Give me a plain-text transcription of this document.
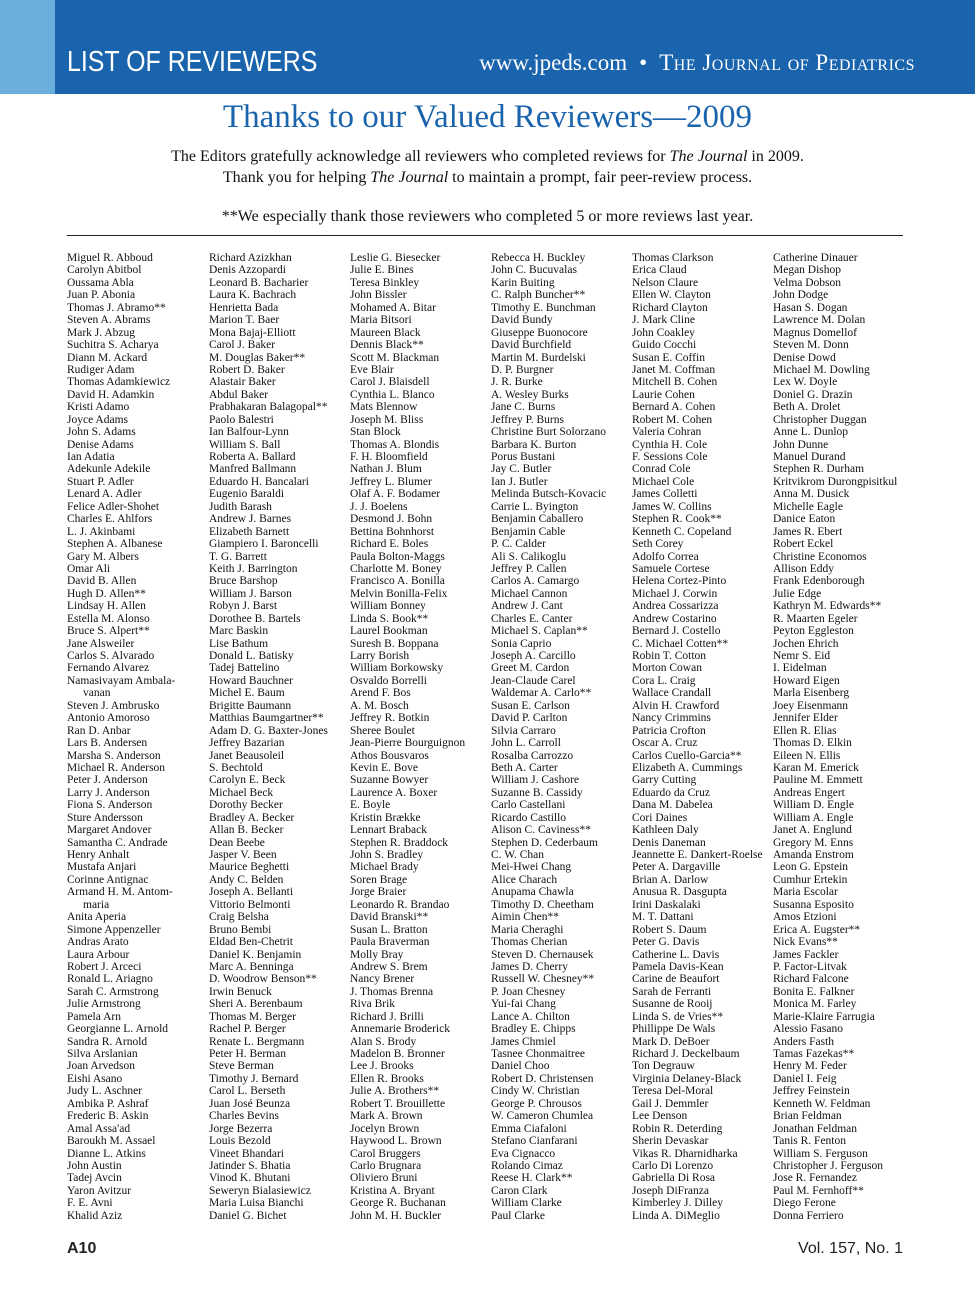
LIST OF REVIEWERS	www.jpeds.com • The Journal of Pediatrics
Thanks to our Valued Reviewers—2009
The Editors gratefully acknowledge all reviewers who completed reviews for The Journal in 2009.
Thank you for helping The Journal to maintain a prompt, fair peer-review process.
**We especially thank those reviewers who completed 5 or more reviews last year.
Miguel R. Abboud
Carolyn Abitbol
Oussama Abla
Juan P. Abonia
Thomas J. Abramo**
Steven A. Abrams
Mark J. Abzug
Suchitra S. Acharya
Diann M. Ackard
Rudiger Adam
Thomas Adamkiewicz
David H. Adamkin
Kristi Adamo
Joyce Adams
John S. Adams
Denise Adams
Ian Adatia
Adekunle Adekile
Stuart P. Adler
Lenard A. Adler
Felice Adler-Shohet
Charles E. Ahlfors
L. J. Akinbami
Stephen A. Albanese
Gary M. Albers
Omar Ali
David B. Allen
Hugh D. Allen**
Lindsay H. Allen
Estella M. Alonso
Bruce S. Alpert**
Jane Alsweiler
Carlos S. Alvarado
Fernando Alvarez
Namasivayam Ambala-
vanan
Steven J. Ambrusko
Antonio Amoroso
Ran D. Anbar
Lars B. Andersen
Marsha S. Anderson
Michael R. Anderson
Peter J. Anderson
Larry J. Anderson
Fiona S. Anderson
Sture Andersson
Margaret Andover
Samantha C. Andrade
Henry Anhalt
Mustafa Anjari
Corinne Antignac
Armand H. M. Antom-
maria
Anita Aperia
Simone Appenzeller
Andras Arato
Laura Arbour
Robert J. Arceci
Ronald L. Ariagno
Sarah C. Armstrong
Julie Armstrong
Pamela Arn
Georgianne L. Arnold
Sandra R. Arnold
Silva Arslanian
Joan Arvedson
Eishi Asano
Judy L. Aschner
Ambika P. Ashraf
Frederic B. Askin
Amal Assa'ad
Baroukh M. Assael
Dianne L. Atkins
John Austin
Tadej Avcin
Yaron Avitzur
F. E. Avni
Khalid Aziz
Richard Azizkhan
Denis Azzopardi
Leonard B. Bacharier
Laura K. Bachrach
Henrietta Bada
Marion T. Baer
Mona Bajaj-Elliott
Carol J. Baker
M. Douglas Baker**
Robert D. Baker
Alastair Baker
Abdul Baker
Prabhakaran Balagopal**
Paolo Balestri
Ian Balfour-Lynn
William S. Ball
Roberta A. Ballard
Manfred Ballmann
Eduardo H. Bancalari
Eugenio Baraldi
Judith Barash
Andrew J. Barnes
Elizabeth Barnett
Giampiero I. Baroncelli
T. G. Barrett
Keith J. Barrington
Bruce Barshop
William J. Barson
Robyn J. Barst
Dorothee B. Bartels
Marc Baskin
Lise Bathum
Donald L. Batisky
Tadej Battelino
Howard Bauchner
Michel E. Baum
Brigitte Baumann
Matthias Baumgartner**
Adam D. G. Baxter-Jones
Jeffrey Bazarian
Janet Beausoleil
S. Bechtold
Carolyn E. Beck
Michael Beck
Dorothy Becker
Bradley A. Becker
Allan B. Becker
Dean Beebe
Jasper V. Been
Maurice Beghetti
Andy C. Belden
Joseph A. Bellanti
Vittorio Belmonti
Craig Belsha
Bruno Bembi
Eldad Ben-Chetrit
Daniel K. Benjamin
Marc A. Benninga
D. Woodrow Benson**
Irwin Benuck
Sheri A. Berenbaum
Thomas M. Berger
Rachel P. Berger
Renate L. Bergmann
Peter H. Berman
Steve Berman
Timothy J. Bernard
Carol L. Berseth
Juan José Beunza
Charles Bevins
Jorge Bezerra
Louis Bezold
Vineet Bhandari
Jatinder S. Bhatia
Vinod K. Bhutani
Seweryn Bialasiewicz
Maria Luisa Bianchi
Daniel G. Bichet
Leslie G. Biesecker
Julie E. Bines
Teresa Binkley
John Bissler
Mohamed A. Bitar
Maria Bitsori
Maureen Black
Dennis Black**
Scott M. Blackman
Eve Blair
Carol J. Blaisdell
Cynthia L. Blanco
Mats Blennow
Joseph M. Bliss
Stan Block
Thomas A. Blondis
F. H. Bloomfield
Nathan J. Blum
Jeffrey L. Blumer
Olaf A. F. Bodamer
J. J. Boelens
Desmond J. Bohn
Bettina Bohnhorst
Richard E. Boles
Paula Bolton-Maggs
Charlotte M. Boney
Francisco A. Bonilla
Melvin Bonilla-Felix
William Bonney
Linda S. Book**
Laurel Bookman
Suresh B. Boppana
Larry Borish
William Borkowsky
Osvaldo Borrelli
Arend F. Bos
A. M. Bosch
Jeffrey R. Botkin
Sheree Boulet
Jean-Pierre Bourguignon
Athos Bousvaros
Kevin E. Bove
Suzanne Bowyer
Laurence A. Boxer
E. Boyle
Kristin Brække
Lennart Braback
Stephen R. Braddock
John S. Bradley
Michael Brady
Soren Brage
Jorge Braier
Leonardo R. Brandao
David Branski**
Susan L. Bratton
Paula Braverman
Molly Bray
Andrew S. Brem
Nancy Brener
J. Thomas Brenna
Riva Brik
Richard J. Brilli
Annemarie Broderick
Alan S. Brody
Madelon B. Bronner
Lee J. Brooks
Ellen R. Brooks
Julie A. Brothers**
Robert T. Brouillette
Mark A. Brown
Jocelyn Brown
Haywood L. Brown
Carol Bruggers
Carlo Brugnara
Oliviero Bruni
Kristina A. Bryant
George R. Buchanan
John M. H. Buckler
Rebecca H. Buckley
John C. Bucuvalas
Karin Buiting
C. Ralph Buncher**
Timothy E. Bunchman
David Bundy
Giuseppe Buonocore
David Burchfield
Martin M. Burdelski
D. P. Burgner
J. R. Burke
A. Wesley Burks
Jane C. Burns
Jeffrey P. Burns
Christine Burt Solorzano
Barbara K. Burton
Porus Bustani
Jay C. Butler
Ian J. Butler
Melinda Butsch-Kovacic
Carrie L. Byington
Benjamin Caballero
Benjamin Cable
P. C. Calder
Ali S. Calikoglu
Jeffrey P. Callen
Carlos A. Camargo
Michael Cannon
Andrew J. Cant
Charles E. Canter
Michael S. Caplan**
Sonia Caprio
Joseph A. Carcillo
Greet M. Cardon
Jean-Claude Carel
Waldemar A. Carlo**
Susan E. Carlson
David P. Carlton
Silvia Carraro
John L. Carroll
Rosalba Carrozzo
Beth A. Carter
William J. Cashore
Suzanne B. Cassidy
Carlo Castellani
Ricardo Castillo
Alison C. Caviness**
Stephen D. Cederbaum
C. W. Chan
Mei-Hwei Chang
Alice Charach
Anupama Chawla
Timothy D. Cheetham
Aimin Chen**
Maria Cheraghi
Thomas Cherian
Steven D. Chernausek
James D. Cherry
Russell W. Chesney**
P. Joan Chesney
Yui-fai Chang
Lance A. Chilton
Bradley E. Chipps
James Chmiel
Tasnee Chonmaitree
Daniel Choo
Robert D. Christensen
Cindy W. Christian
George P. Chrousos
W. Cameron Chumlea
Emma Ciafaloni
Stefano Cianfarani
Eva Cignacco
Rolando Cimaz
Reese H. Clark**
Caron Clark
William Clarke
Paul Clarke
Thomas Clarkson
Erica Claud
Nelson Claure
Ellen W. Clayton
Richard Clayton
J. Mark Cline
John Coakley
Guido Cocchi
Susan E. Coffin
Janet M. Coffman
Mitchell B. Cohen
Laurie Cohen
Bernard A. Cohen
Robert M. Cohen
Valeria Cohran
Cynthia H. Cole
F. Sessions Cole
Conrad Cole
Michael Cole
James Colletti
James W. Collins
Stephen R. Cook**
Kenneth C. Copeland
Seth Corey
Adolfo Correa
Samuele Cortese
Helena Cortez-Pinto
Michael J. Corwin
Andrea Cossarizza
Andrew Costarino
Bernard J. Costello
C. Michael Cotten**
Robin T. Cotton
Morton Cowan
Cora L. Craig
Wallace Crandall
Alvin H. Crawford
Nancy Crimmins
Patricia Crofton
Oscar A. Cruz
Carlos Cuello-Garcia**
Elizabeth A. Cummings
Garry Cutting
Eduardo da Cruz
Dana M. Dabelea
Cori Daines
Kathleen Daly
Denis Daneman
Jeannette E. Dankert-Roelse
Peter A. Dargaville
Brian A. Darlow
Anusua R. Dasgupta
Irini Daskalaki
M. T. Dattani
Robert S. Daum
Peter G. Davis
Catherine L. Davis
Pamela Davis-Kean
Carine de Beaufort
Sarah de Ferranti
Susanne de Rooij
Linda S. de Vries**
Phillippe De Wals
Mark D. DeBoer
Richard J. Deckelbaum
Ton Degrauw
Virginia Delaney-Black
Teresa Del-Moral
Gail J. Demmler
Lee Denson
Robin R. Deterding
Sherin Devaskar
Vikas R. Dharnidharka
Carlo Di Lorenzo
Gabriella Di Rosa
Joseph DiFranza
Kimberley J. Dilley
Linda A. DiMeglio
Catherine Dinauer
Megan Dishop
Velma Dobson
John Dodge
Hasan S. Dogan
Lawrence M. Dolan
Magnus Domellof
Steven M. Donn
Denise Dowd
Michael M. Dowling
Lex W. Doyle
Doniel G. Drazin
Beth A. Drolet
Christopher Duggan
Anne L. Dunlop
John Dunne
Manuel Durand
Stephen R. Durham
Kritvikrom Durongpisitkul
Anna M. Dusick
Michelle Eagle
Danice Eaton
James R. Ebert
Robert Eckel
Christine Economos
Allison Eddy
Frank Edenborough
Julie Edge
Kathryn M. Edwards**
R. Maarten Egeler
Peyton Eggleston
Jochen Ehrich
Nemr S. Eid
I. Eidelman
Howard Eigen
Marla Eisenberg
Joey Eisenmann
Jennifer Elder
Ellen R. Elias
Thomas D. Elkin
Eileen N. Ellis
Karan M. Emerick
Pauline M. Emmett
Andreas Engert
William D. Engle
William A. Engle
Janet A. Englund
Gregory M. Enns
Amanda Enstrom
Leon G. Epstein
Cumhur Ertekin
Maria Escolar
Susanna Esposito
Amos Etzioni
Erica A. Eugster**
Nick Evans**
James Fackler
P. Factor-Litvak
Richard Falcone
Bonita E. Falkner
Monica M. Farley
Marie-Klaire Farrugia
Alessio Fasano
Anders Fasth
Tamas Fazekas**
Henry M. Feder
Daniel I. Feig
Jeffrey Feinstein
Kenneth W. Feldman
Brian Feldman
Jonathan Feldman
Tanis R. Fenton
William S. Ferguson
Christopher J. Ferguson
Jose R. Fernandez
Paul M. Fernhoff**
Diego Ferone
Donna Ferriero
A10	Vol. 157, No. 1
